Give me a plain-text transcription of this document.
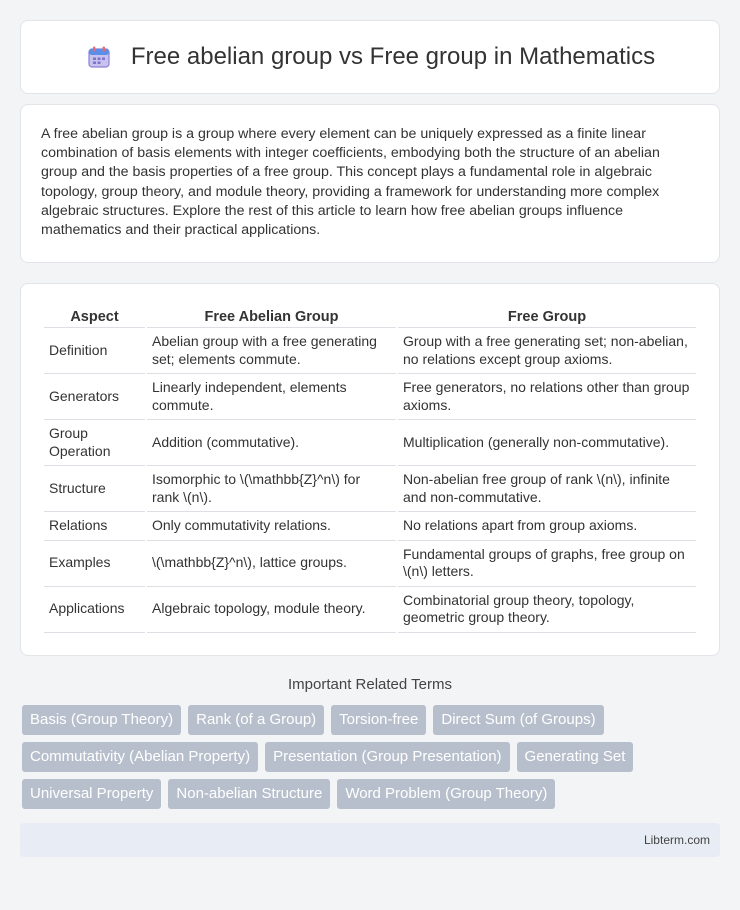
Free abelian group vs Free group in Mathematics

A free abelian group is a group where every element can be uniquely expressed as a finite linear combination of basis elements with integer coefficients, embodying both the structure of an abelian group and the basis properties of a free group. This concept plays a fundamental role in algebraic topology, group theory, and module theory, providing a framework for understanding more complex algebraic structures. Explore the rest of this article to learn how free abelian groups influence mathematics and their practical applications.

Aspect	Free Abelian Group	Free Group
Definition	Abelian group with a free generating set; elements commute.	Group with a free generating set; non-abelian, no relations except group axioms.
Generators	Linearly independent, elements commute.	Free generators, no relations other than group axioms.
Group Operation	Addition (commutative).	Multiplication (generally non-commutative).
Structure	Isomorphic to \(\mathbb{Z}^n\) for rank \(n\).	Non-abelian free group of rank \(n\), infinite and non-commutative.
Relations	Only commutativity relations.	No relations apart from group axioms.
Examples	\(\mathbb{Z}^n\), lattice groups.	Fundamental groups of graphs, free group on \(n\) letters.
Applications	Algebraic topology, module theory.	Combinatorial group theory, topology, geometric group theory.
Important Related Terms
Basis (Group Theory)	Rank (of a Group)	Torsion-free	Direct Sum (of Groups)
Commutativity (Abelian Property)	Presentation (Group Presentation)	Generating Set
Universal Property	Non-abelian Structure	Word Problem (Group Theory)
Libterm.com
